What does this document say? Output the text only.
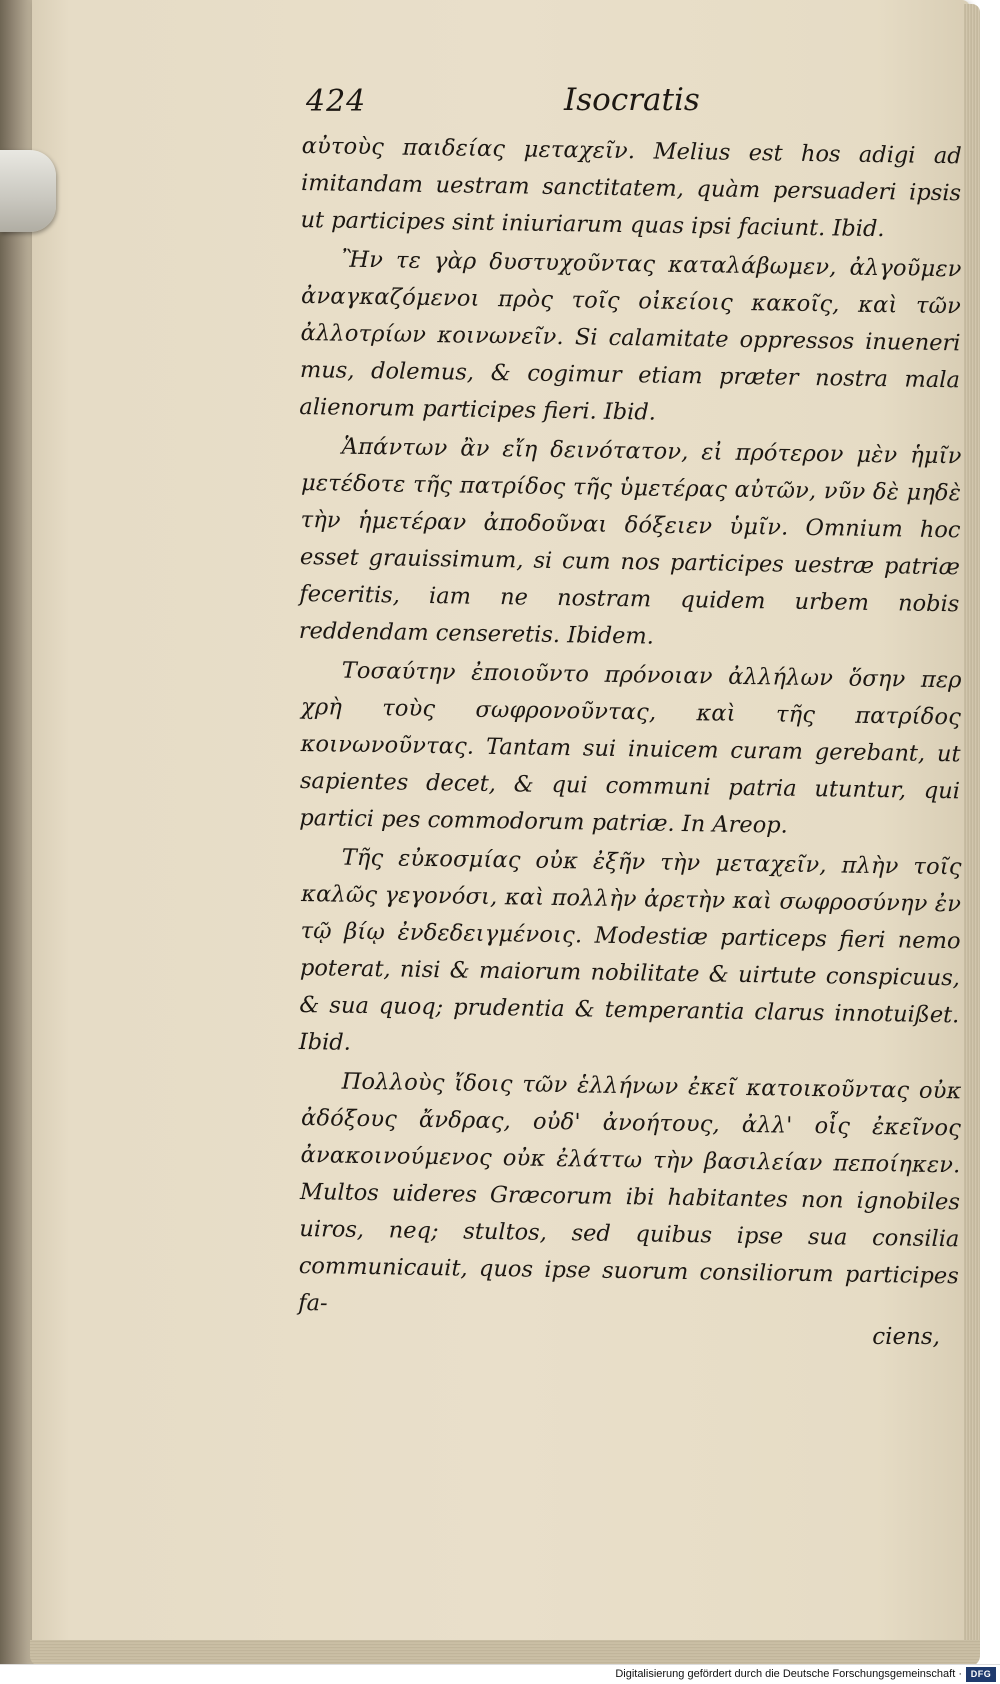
424	Isocratis

αὐτοὺς παιδείας μεταχεῖν. Melius est hos adigi ad imitandam uestram sanctitatem, quàm persuaderi ipsis ut participes sint iniuriarum quas ipsi faciunt. Ibid.

Ἢν τε γὰρ δυστυχοῦντας καταλάβωμεν, ἀλγοῦμεν ἀναγκαζόμενοι πρὸς τοῖς οἰκείοις κακοῖς, καὶ τῶν ἀλλοτρίων κοινωνεῖν. Si calamitate oppressos inueneri mus, dolemus, & cogimur etiam præter nostra mala alienorum participes fieri. Ibid.

Ἁπάντων ἂν εἴη δεινότατον, εἰ πρότερον μὲν ἡμῖν μετέδοτε τῆς πατρίδος τῆς ὑμετέρας αὐτῶν, νῦν δὲ μηδὲ τὴν ἡμετέραν ἀποδοῦναι δόξειεν ὑμῖν. Omnium hoc esset grauissimum, si cum nos participes uestræ patriæ feceritis, iam ne nostram quidem urbem nobis reddendam censeretis. Ibidem.

Τοσαύτην ἐποιοῦντο πρόνοιαν ἀλλήλων ὅσην περ χρὴ τοὺς σωφρονοῦντας, καὶ τῆς πατρίδος κοινωνοῦντας. Tantam sui inuicem curam gerebant, ut sapientes decet, & qui communi patria utuntur, qui partici pes commodorum patriæ. In Areop.

Τῆς εὐκοσμίας οὐκ ἐξῆν τὴν μεταχεῖν, πλὴν τοῖς καλῶς γεγονόσι, καὶ πολλὴν ἀρετὴν καὶ σωφροσύνην ἐν τῷ βίῳ ἐνδεδειγμένοις. Modestiæ particeps fieri nemo poterat, nisi & maiorum nobilitate & uirtute conspicuus, & sua quoq; prudentia & temperantia clarus innotuißet. Ibid.

Πολλοὺς ἴδοις τῶν ἑλλήνων ἐκεῖ κατοικοῦντας οὐκ ἀδόξους ἄνδρας, οὐδ' ἀνοήτους, ἀλλ' οἷς ἐκεῖνος ἀνακοινούμενος οὐκ ἐλάττω τὴν βασιλείαν πεποίηκεν. Multos uideres Græcorum ibi habitantes non ignobiles uiros, neq; stultos, sed quibus ipse sua consilia communicauit, quos ipse suorum consiliorum participes fa-

ciens,
Digitalisierung gefördert durch die Deutsche Forschungsgemeinschaft · DFG
